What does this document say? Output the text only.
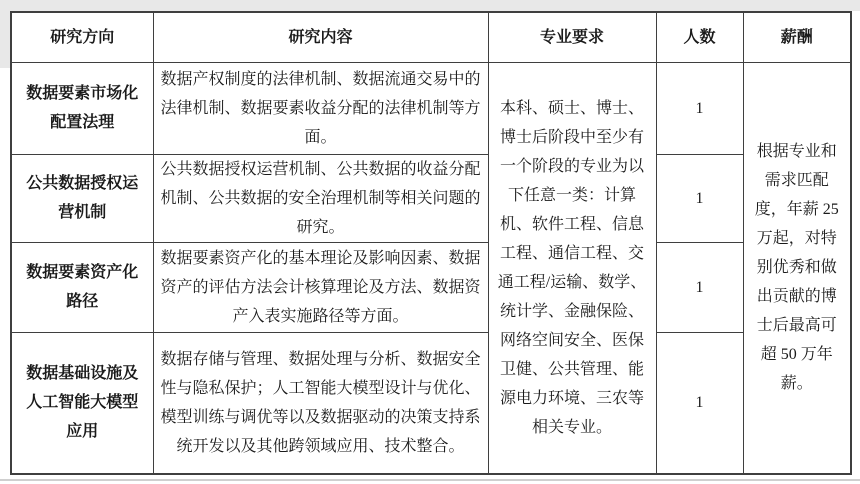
研究方向	研究内容	专业要求	人数	薪酬
数据要素市场化配置法理	数据产权制度的法律机制、数据流通交易中的法律机制、数据要素收益分配的法律机制等方面。	本科、硕士、博士、博士后阶段中至少有一个阶段的专业为以下任意一类：计算机、软件工程、信息工程、通信工程、交通工程/运输、数学、统计学、金融保险、网络空间安全、医保卫健、公共管理、能源电力环境、三农等相关专业。	1	根据专业和需求匹配度，年薪 25 万起，对特别优秀和做出贡献的博士后最高可超 50 万年薪。
公共数据授权运营机制	公共数据授权运营机制、公共数据的收益分配机制、公共数据的安全治理机制等相关问题的研究。		1	
数据要素资产化路径	数据要素资产化的基本理论及影响因素、数据资产的评估方法会计核算理论及方法、数据资产入表实施路径等方面。		1	
数据基础设施及人工智能大模型应用	数据存储与管理、数据处理与分析、数据安全性与隐私保护；人工智能大模型设计与优化、模型训练与调优等以及数据驱动的决策支持系统开发以及其他跨领域应用、技术整合。		1	
